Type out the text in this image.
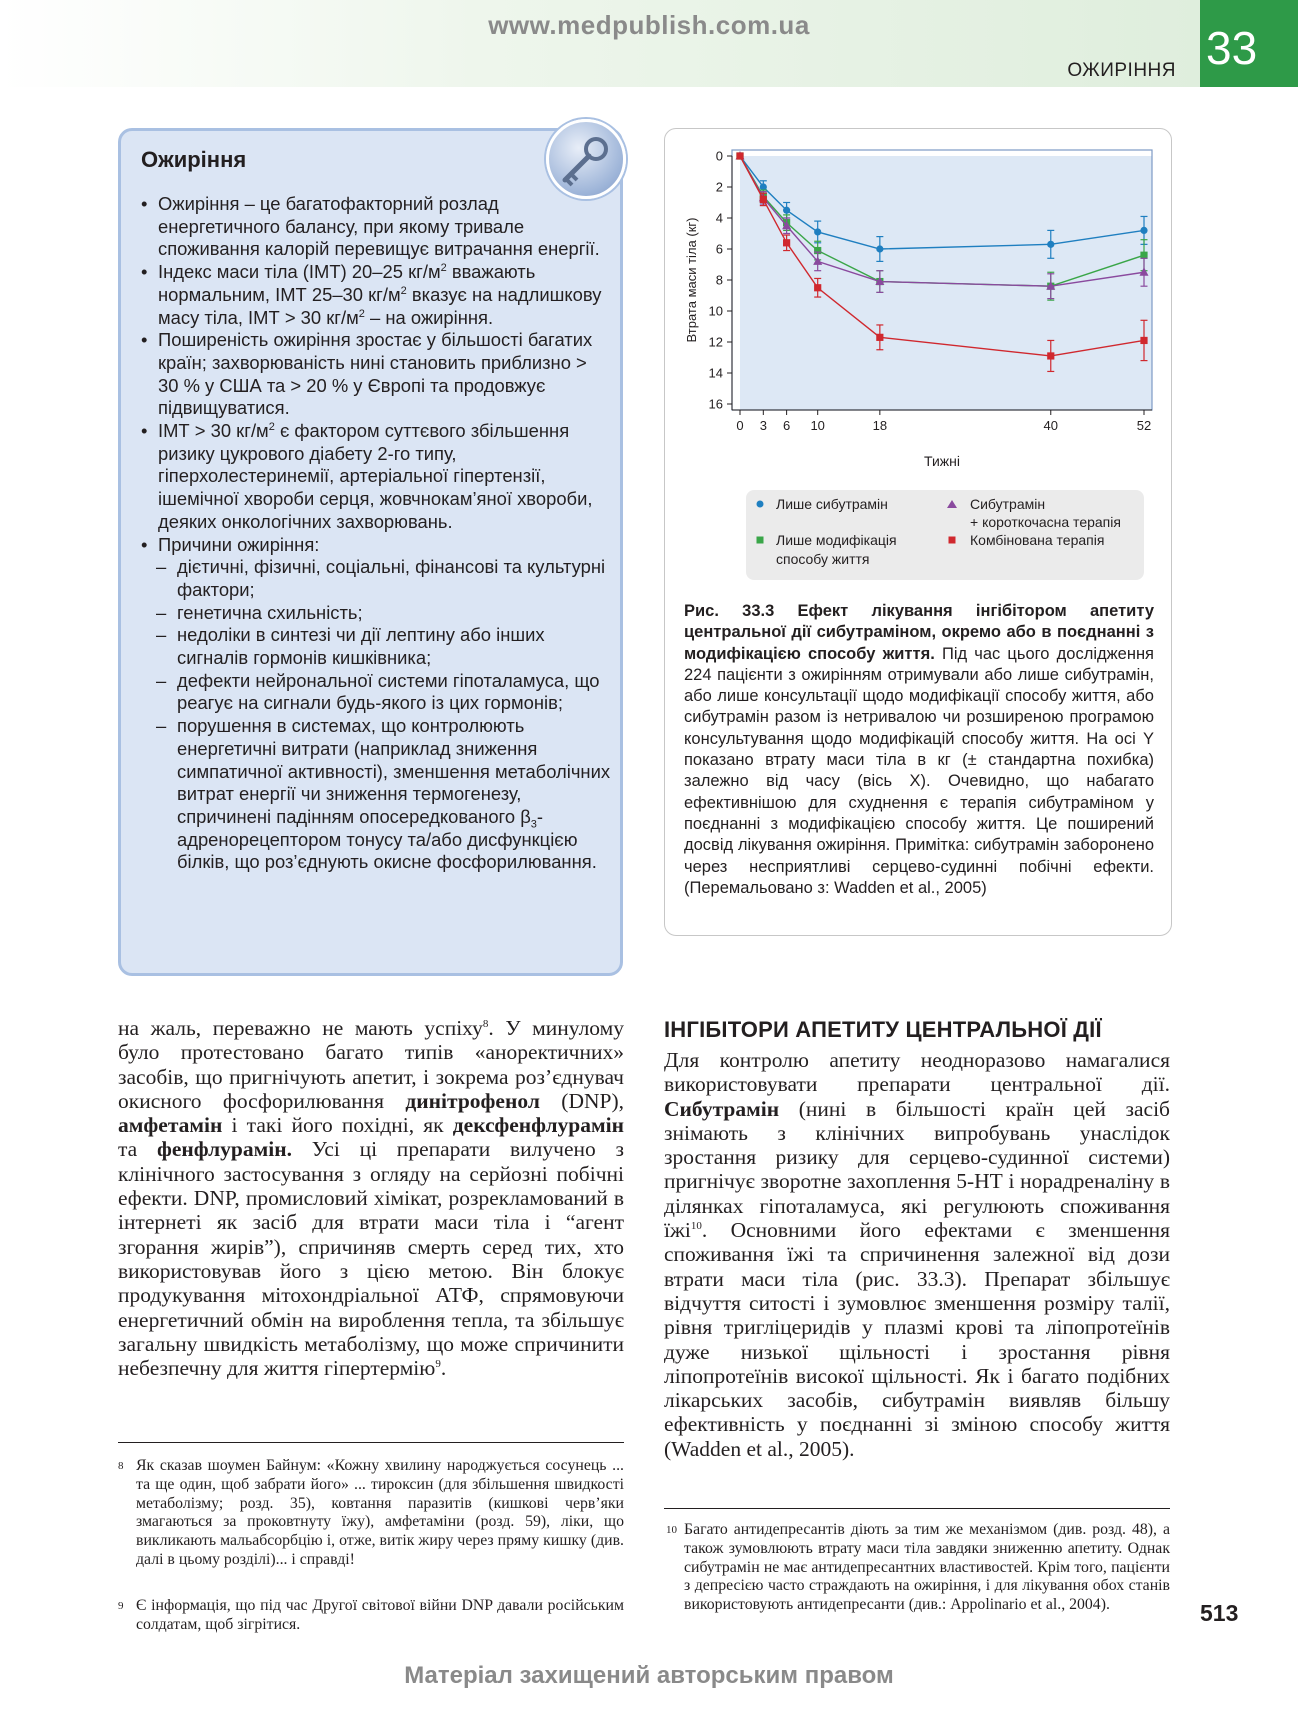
www.medpublish.com.ua
ОЖИРІННЯ 33
Ожиріння

• Ожиріння – це багатофакторний розлад енергетичного балансу, при якому тривале споживання калорій перевищує витрачання енергії.

• Індекс маси тіла (ІМТ) 20–25 $кг/м^2$ вважають нормальним, ІМТ 25–30 $кг/м^2$ вказує на надлишкову масу тіла, ІМТ > 30 $кг/м^2$ – на ожиріння.

• Поширеність ожиріння зростає у більшості багатих країн; захворюваність нині становить приблизно > 30 % у США та > 20 % у Європі та продовжує підвищуватися.

• ІМТ > 30 $кг/м^2$ є фактором суттєвого збільшення ризику цукрового діабету 2-го типу, гіперхолестеринемії, артеріальної гіпертензії, ішемічної хвороби серця, жовчнокам’яної хвороби, деяких онкологічних захворювань.

• Причини ожиріння:

– дієтичні, фізичні, соціальні, фінансові та культурні фактори;

– генетична схильність;

– недоліки в синтезі чи дії лептину або інших сигналів гормонів кишківника;

– дефекти нейрональної системи гіпоталамуса, що реагує на сигнали будь-якого із цих гормонів;

– порушення в системах, що контролюють енергетичні витрати (наприклад зниження симпатичної активності), зменшення метаболічних витрат енергії чи зниження термогенезу, спричинені падінням опосередкованого $\beta_3$-адренорецептором тонусу та/або дисфункцією білків, що роз’єднують окисне фосфорилювання.

0
2
4
6
8
10
12
14
16
0 3 6 10	18	40	52
Втрата маси тіла (кг)
Тижні
Лише сибутрамін
Лише модифікація
способу життя
Сибутрамін
+ короткочасна терапія
Комбінована терапія
Рис. 33.3 Ефект лікування інгібітором апетиту центральної дії сибутраміном, окремо або в поєднанні з модифікацією способу життя. Під час цього дослідження 224 пацієнти з ожирінням отримували або лише сибутрамін, або лише консультації щодо модифікації способу життя, або сибутрамін разом із нетривалою чи розширеною програмою консультування щодо модифікацій способу життя. На осі Y показано втрату маси тіла в кг (± стандартна похибка) залежно від часу (вісь X). Очевидно, що набагато ефективнішою для схуднення є терапія сибутраміном у поєднанні з модифікацією способу життя. Це поширений досвід лікування ожиріння. Примітка: сибутрамін заборонено через несприятливі серцево-судинні побічні ефекти. (Перемальовано з: Wadden et al., 2005)
на жаль, переважно не мають успіху$^8$. У минулому було протестовано багато типів «аноректичних» засобів, що пригнічують апетит, і зокрема роз’єднувач окисного фосфорилювання динітрофенол (DNP), амфетамін і такі його похідні, як дексфенфлурамін та фенфлурамін. Усі ці препарати вилучено з клінічного застосування з огляду на серйозні побічні ефекти. DNP, промисловий хімікат, розрекламований в інтернеті як засіб для втрати маси тіла і “агент згорання жирів”), спричиняв смерть серед тих, хто використовував його з цією метою. Він блокує продукування мітохондріальної АТФ, спрямовуючи енергетичний обмін на вироблення тепла, та збільшує загальну швидкість метаболізму, що може спричинити небезпечну для життя гіпертермію$^9$.
ІНГІБІТОРИ АПЕТИТУ ЦЕНТРАЛЬНОЇ ДІЇ
Для контролю апетиту неодноразово намагалися використовувати препарати центральної дії. Сибутрамін (нині в більшості країн цей засіб знімають з клінічних випробувань унаслідок зростання ризику для серцево-судинної системи) пригнічує зворотне захоплення 5-НТ і норадреналіну в ділянках гіпоталамуса, які регулюють споживання їжі$^{10}$. Основними його ефектами є зменшення споживання їжі та спричинення залежної від дози втрати маси тіла (рис. 33.3). Препарат збільшує відчуття ситості і зумовлює зменшення розміру талії, рівня тригліцеридів у плазмі крові та ліпопротеїнів дуже низької щільності і зростання рівня ліпопротеїнів високої щільності. Як і багато подібних лікарських засобів, сибутрамін виявляв більшу ефективність у поєднанні зі зміною способу життя (Wadden et al., 2005).
8 Як сказав шоумен Байнум: «Кожну хвилину народжується сосунець ... та ще один, щоб забрати його» ... тироксин (для збільшення швидкості метаболізму; розд. 35), ковтання паразитів (кишкові черв’яки змагаються за проковтнуту їжу), амфетаміни (розд. 59), ліки, що викликають мальабсорбцію і, отже, витік жиру через пряму кишку (див. далі в цьому розділі)... і справді!
9 Є інформація, що під час Другої світової війни DNP давали російським солдатам, щоб зігрітися.
10 Багато антидепресантів діють за тим же механізмом (див. розд. 48), а також зумовлюють втрату маси тіла завдяки зниженню апетиту. Однак сибутрамін не має антидепресантних властивостей. Крім того, пацієнти з депресією часто страждають на ожиріння, і для лікування обох станів використовують антидепресанти (див.: Appolinario et al., 2004).	513
Матеріал захищений авторським правом
